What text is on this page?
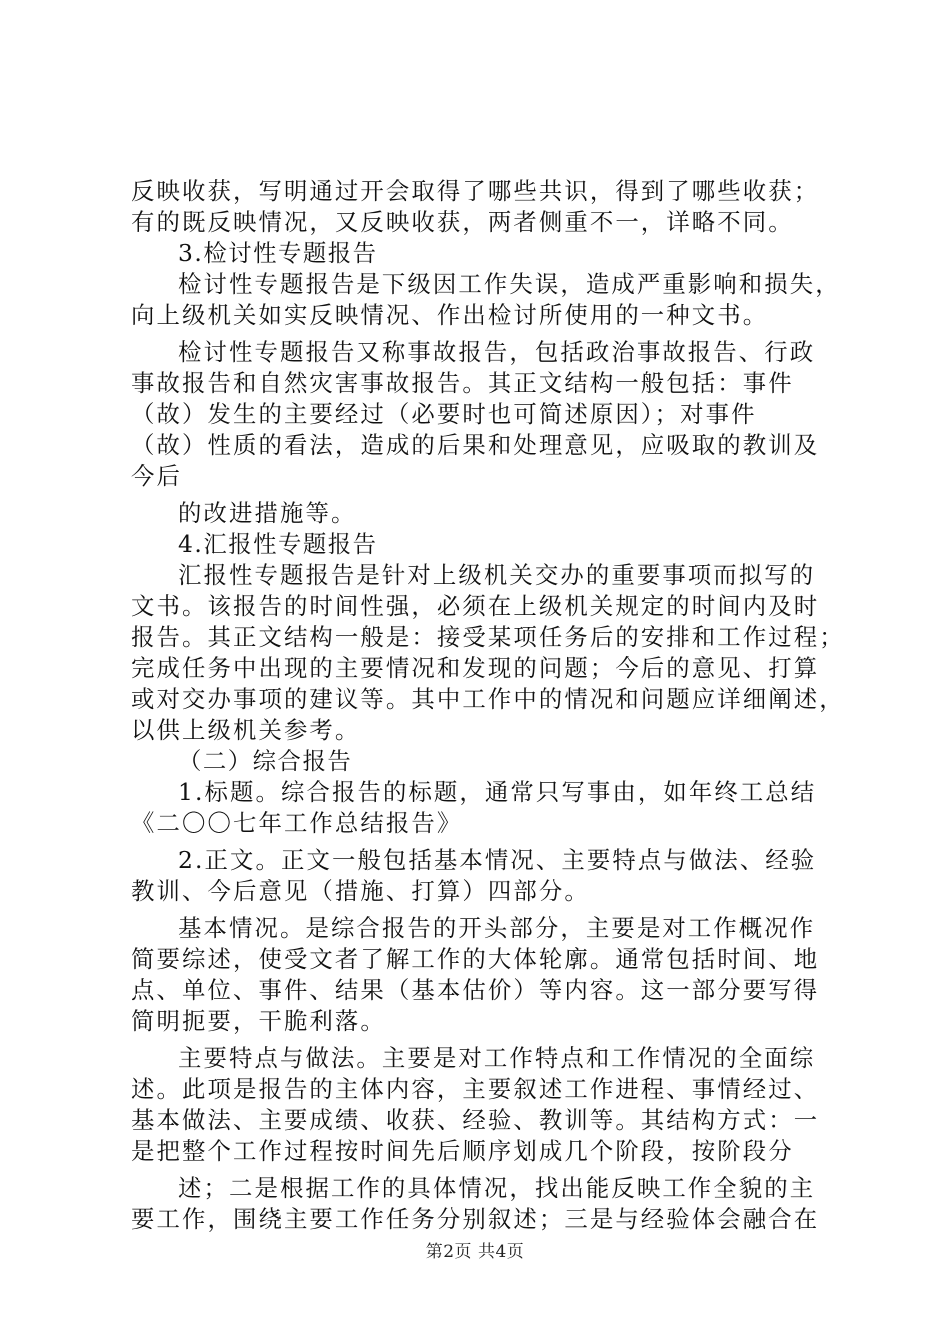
反映收获，写明通过开会取得了哪些共识，得到了哪些收获；

有的既反映情况，又反映收获，两者侧重不一，详略不同。

3.检讨性专题报告

检讨性专题报告是下级因工作失误，造成严重影响和损失，

向上级机关如实反映情况、作出检讨所使用的一种文书。

检讨性专题报告又称事故报告，包括政治事故报告、行政

事故报告和自然灾害事故报告。其正文结构一般包括：事件

（故）发生的主要经过（必要时也可简述原因）；对事件

（故）性质的看法，造成的后果和处理意见，应吸取的教训及

今后

的改进措施等。

4.汇报性专题报告

汇报性专题报告是针对上级机关交办的重要事项而拟写的

文书。该报告的时间性强，必须在上级机关规定的时间内及时

报告。其正文结构一般是：接受某项任务后的安排和工作过程；

完成任务中出现的主要情况和发现的问题；今后的意见、打算

或对交办事项的建议等。其中工作中的情况和问题应详细阐述，

以供上级机关参考。

（二）综合报告

1.标题。综合报告的标题，通常只写事由，如年终工总结

《二〇〇七年工作总结报告》

2.正文。正文一般包括基本情况、主要特点与做法、经验

教训、今后意见（措施、打算）四部分。

基本情况。是综合报告的开头部分，主要是对工作概况作

简要综述，使受文者了解工作的大体轮廓。通常包括时间、地

点、单位、事件、结果（基本估价）等内容。这一部分要写得

简明扼要，干脆利落。

主要特点与做法。主要是对工作特点和工作情况的全面综

述。此项是报告的主体内容，主要叙述工作进程、事情经过、

基本做法、主要成绩、收获、经验、教训等。其结构方式：一

是把整个工作过程按时间先后顺序划成几个阶段，按阶段分

述；二是根据工作的具体情况，找出能反映工作全貌的主

要工作，围绕主要工作任务分别叙述；三是与经验体会融合在

第2页 共4页
